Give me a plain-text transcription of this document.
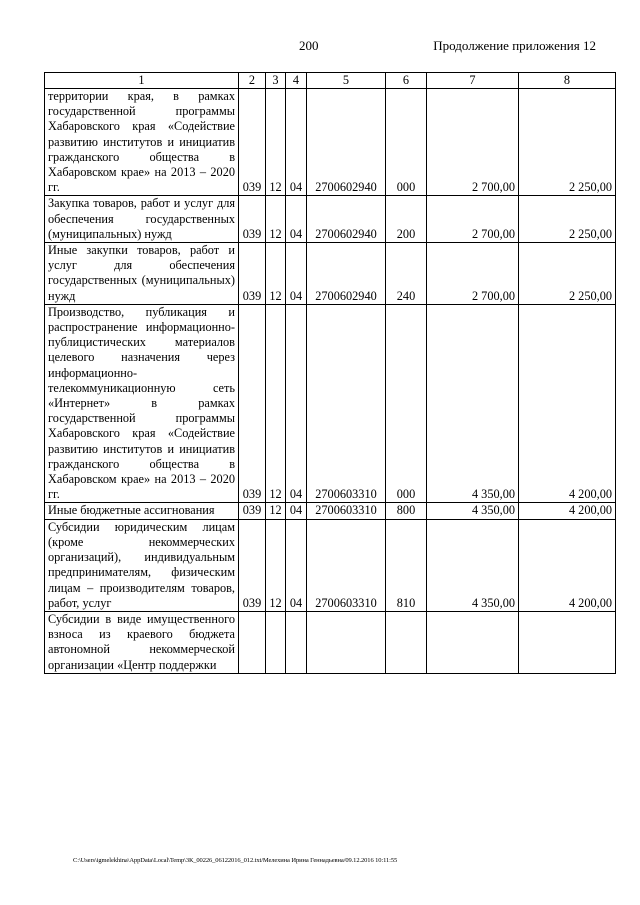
200	Продолжение приложения 12
1	2	3	4	5	6	7	8
территории края, в рамках государственной программы Хабаровского края «Содействие развитию институтов и инициатив гражданского общества в Хабаровском крае» на 2013 – 2020 гг.	039	12	04	2700602940	000	2 700,00	2 250,00
Закупка товаров, работ и услуг для обеспечения государственных (муниципальных) нужд	039	12	04	2700602940	200	2 700,00	2 250,00
Иные закупки товаров, работ и услуг для обеспечения государственных (муниципальных) нужд	039	12	04	2700602940	240	2 700,00	2 250,00
Производство, публикация и распространение информационно-публицистических материалов целевого назначения через информационно-телекоммуникационную сеть «Интернет» в рамках государственной программы Хабаровского края «Содействие развитию институтов и инициатив гражданского общества в Хабаровском крае» на 2013 – 2020 гг.	039	12	04	2700603310	000	4 350,00	4 200,00
Иные бюджетные ассигнования	039	12	04	2700603310	800	4 350,00	4 200,00
Субсидии юридическим лицам (кроме некоммерческих организаций), индивидуальным предпринимателям, физическим лицам – производителям товаров, работ, услуг	039	12	04	2700603310	810	4 350,00	4 200,00
Субсидии в виде имущественного взноса из краевого бюджета автономной некоммерческой организации «Центр поддержки							
C:\Users\igmelekhina\AppData\Local\Temp\3К_00226_06122016_012.txt/Мелехина Ирина Геннадьевна/09.12.2016 10:11:55
